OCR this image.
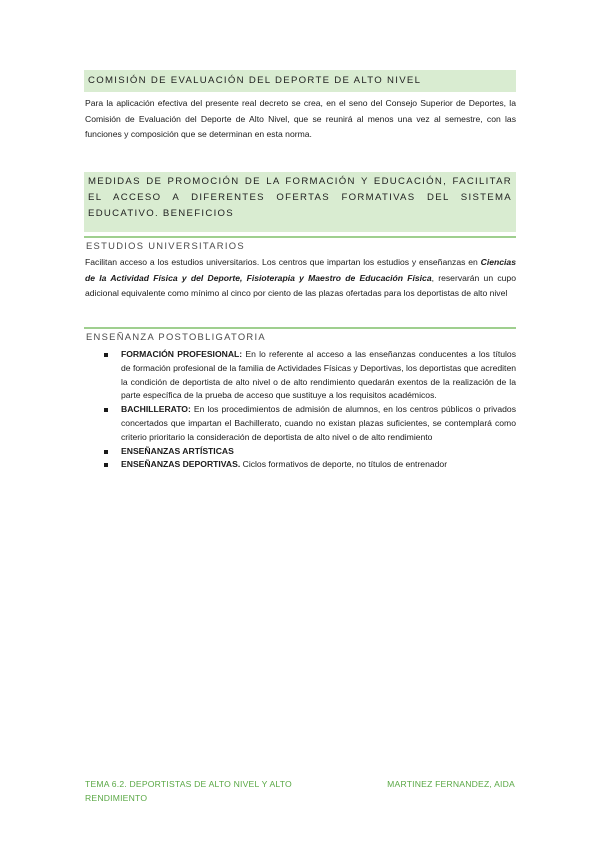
COMISIÓN DE EVALUACIÓN DEL DEPORTE DE ALTO NIVEL
Para la aplicación efectiva del presente real decreto se crea, en el seno del Consejo Superior de Deportes, la Comisión de Evaluación del Deporte de Alto Nivel, que se reunirá al menos una vez al semestre, con las funciones y composición que se determinan en esta norma.
MEDIDAS DE PROMOCIÓN DE LA FORMACIÓN Y EDUCACIÓN, FACILITAR EL ACCESO A DIFERENTES OFERTAS FORMATIVAS DEL SISTEMA EDUCATIVO. BENEFICIOS
ESTUDIOS UNIVERSITARIOS
Facilitan acceso a los estudios universitarios. Los centros que impartan los estudios y enseñanzas en Ciencias de la Actividad Física y del Deporte, Fisioterapia y Maestro de Educación Física, reservarán un cupo adicional equivalente como mínimo al cinco por ciento de las plazas ofertadas para los deportistas de alto nivel
ENSEÑANZA POSTOBLIGATORIA
FORMACIÓN PROFESIONAL: En lo referente al acceso a las enseñanzas conducentes a los títulos de formación profesional de la familia de Actividades Físicas y Deportivas, los deportistas que acrediten la condición de deportista de alto nivel o de alto rendimiento quedarán exentos de la realización de la parte específica de la prueba de acceso que sustituye a los requisitos académicos.
BACHILLERATO: En los procedimientos de admisión de alumnos, en los centros públicos o privados concertados que impartan el Bachillerato, cuando no existan plazas suficientes, se contemplará como criterio prioritario la consideración de deportista de alto nivel o de alto rendimiento
ENSEÑANZAS ARTÍSTICAS
ENSEÑANZAS DEPORTIVAS. Ciclos formativos de deporte, no títulos de entrenador
TEMA 6.2. DEPORTISTAS DE ALTO NIVEL Y ALTO RENDIMIENTO
MARTINEZ FERNANDEZ, AIDA
